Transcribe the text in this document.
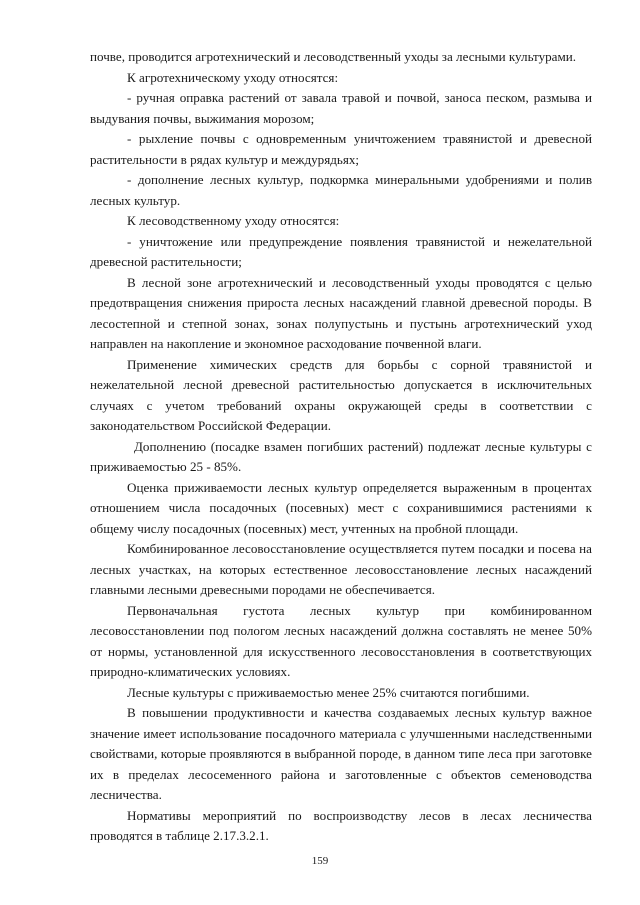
почве, проводится агротехнический и лесоводственный уходы за лесными культурами.

К агротехническому уходу относятся:

- ручная оправка растений от завала травой и почвой, заноса песком, размыва и выдувания почвы, выжимания морозом;

- рыхление почвы с одновременным уничтожением травянистой и древесной растительности в рядах культур и междурядьях;

- дополнение лесных культур, подкормка минеральными удобрениями и полив лесных культур.

К лесоводственному уходу относятся:

- уничтожение или предупреждение появления травянистой и нежелательной древесной растительности;

В лесной зоне агротехнический и лесоводственный уходы проводятся с целью предотвращения снижения прироста лесных насаждений главной древесной породы. В лесостепной и степной зонах, зонах полупустынь и пустынь агротехнический уход направлен на накопление и экономное расходование почвенной влаги.

Применение химических средств для борьбы с сорной травянистой и нежелательной лесной древесной растительностью допускается в исключительных случаях с учетом требований охраны окружающей среды в соответствии с законодательством Российской Федерации.

Дополнению (посадке взамен погибших растений) подлежат лесные культуры с приживаемостью 25 - 85%.

Оценка приживаемости лесных культур определяется выраженным в процентах отношением числа посадочных (посевных) мест с сохранившимися растениями к общему числу посадочных (посевных) мест, учтенных на пробной площади.

Комбинированное лесовосстановление осуществляется путем посадки и посева на лесных участках, на которых естественное лесовосстановление лесных насаждений главными лесными древесными породами не обеспечивается.

Первоначальная густота лесных культур при комбинированном лесовосстановлении под пологом лесных насаждений должна составлять не менее 50% от нормы, установленной для искусственного лесовосстановления в соответствующих природно-климатических условиях.

Лесные культуры с приживаемостью менее 25% считаются погибшими.

В повышении продуктивности и качества создаваемых лесных культур важное значение имеет использование посадочного материала с улучшенными наследственными свойствами, которые проявляются в выбранной породе, в данном типе леса при заготовке их в пределах лесосеменного района и заготовленные с объектов семеноводства лесничества.

Нормативы мероприятий по воспроизводству лесов в лесах лесничества проводятся в таблице 2.17.3.2.1.

159
